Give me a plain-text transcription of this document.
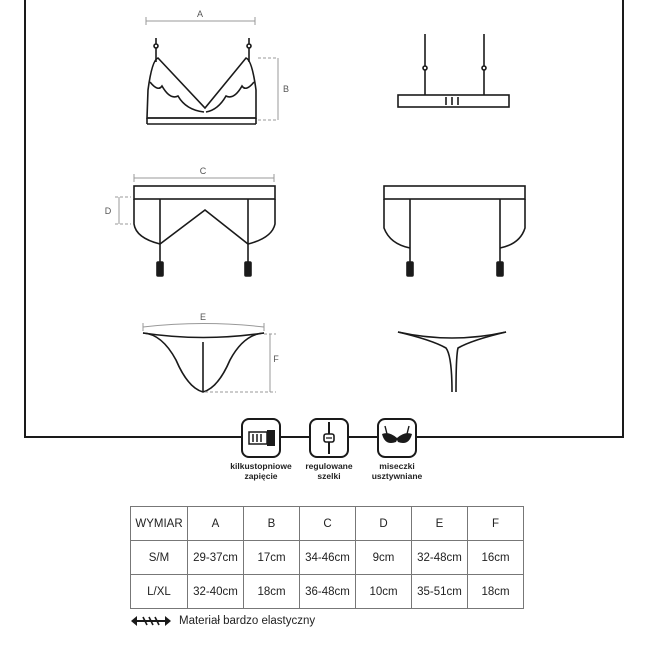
A
B
C
D
E
F
kilkustopniowe
zapięcie
regulowane
szelki
miseczki
usztywniane
WYMIAR	A	B	C	D	E	F
S/M	29-37cm	17cm	34-46cm	9cm	32-48cm	16cm
L/XL	32-40cm	18cm	36-48cm	10cm	35-51cm	18cm
Materiał bardzo elastyczny
